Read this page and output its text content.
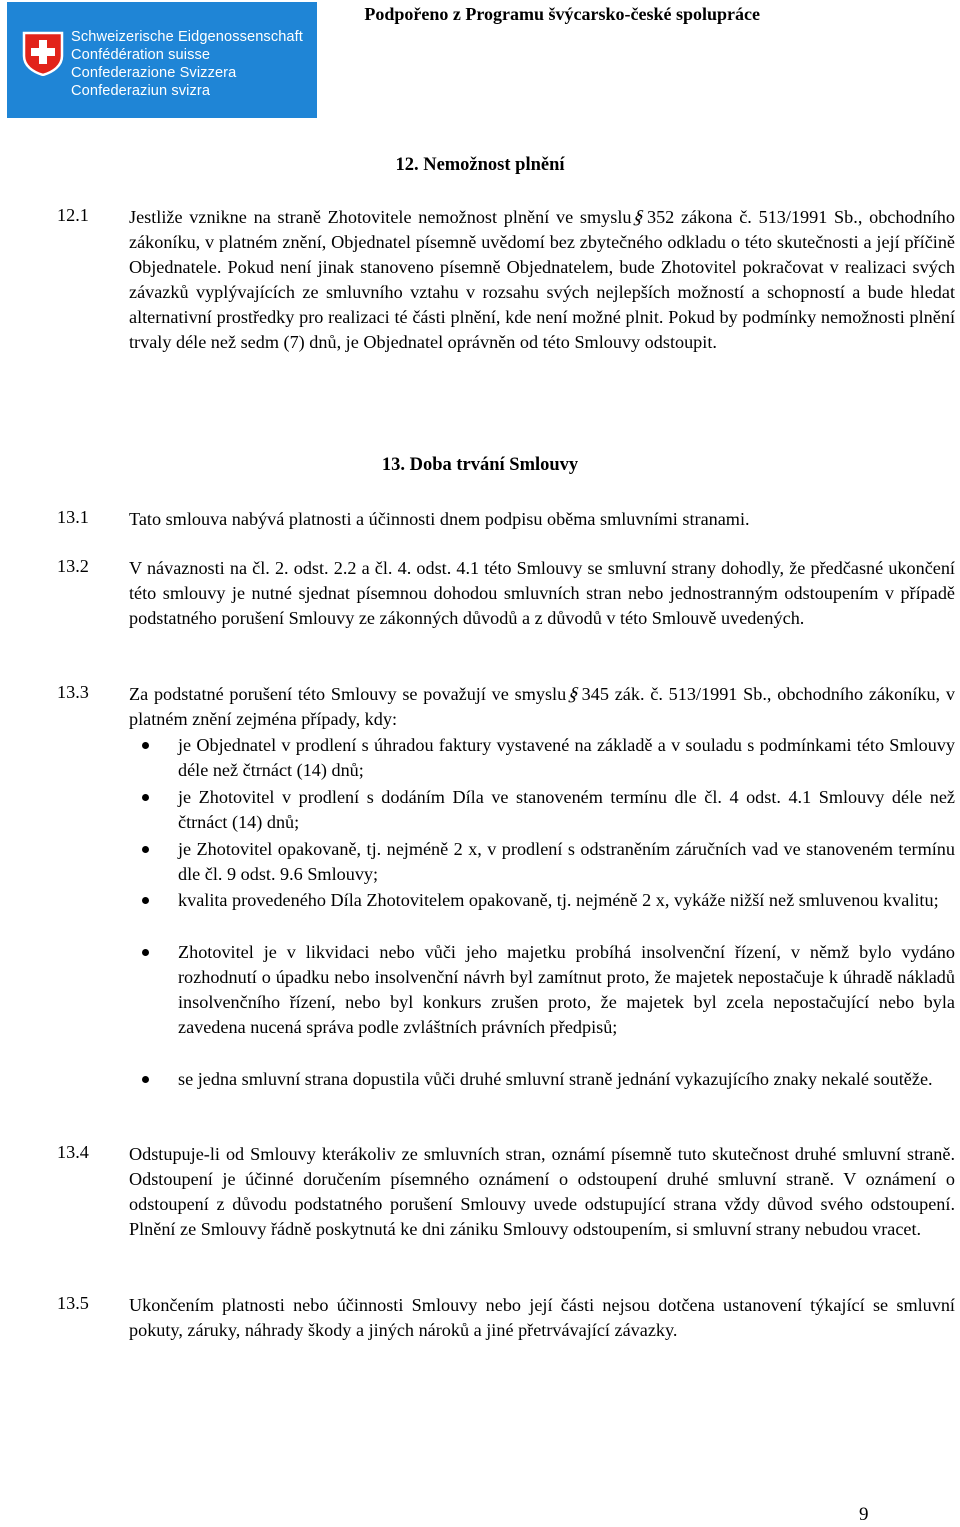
Schweizerische Eidgenossenschaft
Confédération suisse
Confederazione Svizzera
Confederaziun svizra
Podpořeno z Programu švýcarsko-české spolupráce
12. Nemožnost plnění
12.1 Jestliže vznikne na straně Zhotovitele nemožnost plnění ve smyslu§352 zákona č. 513/1991 Sb., obchodního zákoníku, v platném znění, Objednatel písemně uvědomí bez zbytečného odkladu o této skutečnosti a její příčině Objednatele. Pokud není jinak stanoveno písemně Objednatelem, bude Zhotovitel pokračovat v realizaci svých závazků vyplývajících ze smluvního vztahu v rozsahu svých nejlepších možností a schopností a bude hledat alternativní prostředky pro realizaci té části plnění, kde není možné plnit. Pokud by podmínky nemožnosti plnění trvaly déle než sedm (7) dnů, je Objednatel oprávněn od této Smlouvy odstoupit.
13. Doba trvání Smlouvy
13.1 Tato smlouva nabývá platnosti a účinnosti dnem podpisu oběma smluvními stranami.
13.2 V návaznosti na čl. 2. odst. 2.2 a čl. 4. odst. 4.1 této Smlouvy se smluvní strany dohodly, že předčasné ukončení této smlouvy je nutné sjednat písemnou dohodou smluvních stran nebo jednostranným odstoupením v případě podstatného porušení Smlouvy ze zákonných důvodů a z důvodů v této Smlouvě uvedených.
13.3 Za podstatné porušení této Smlouvy se považují ve smyslu§345 zák. č. 513/1991 Sb., obchodního zákoníku, v platném znění zejména případy, kdy:
je Objednatel v prodlení s úhradou faktury vystavené na základě a v souladu s podmínkami této Smlouvy déle než čtrnáct (14) dnů;
je Zhotovitel v prodlení s dodáním Díla ve stanoveném termínu dle čl. 4 odst. 4.1 Smlouvy déle než čtrnáct (14) dnů;
je Zhotovitel opakovaně, tj. nejméně 2 x, v prodlení s odstraněním záručních vad ve stanoveném termínu dle čl. 9 odst. 9.6 Smlouvy;
kvalita provedeného Díla Zhotovitelem opakovaně, tj. nejméně 2 x, vykáže nižší než smluvenou kvalitu;
Zhotovitel je v likvidaci nebo vůči jeho majetku probíhá insolvenční řízení, v němž bylo vydáno rozhodnutí o úpadku nebo insolvenční návrh byl zamítnut proto, že majetek nepostačuje k úhradě nákladů insolvenčního řízení, nebo byl konkurs zrušen proto, že majetek byl zcela nepostačující nebo byla zavedena nucená správa podle zvláštních právních předpisů;
se jedna smluvní strana dopustila vůči druhé smluvní straně jednání vykazujícího znaky nekalé soutěže.
13.4 Odstupuje-li od Smlouvy kterákoliv ze smluvních stran, oznámí písemně tuto skutečnost druhé smluvní straně. Odstoupení je účinné doručením písemného oznámení o odstoupení druhé smluvní straně. V oznámení o odstoupení z důvodu podstatného porušení Smlouvy uvede odstupující strana vždy důvod svého odstoupení. Plnění ze Smlouvy řádně poskytnutá ke dni zániku Smlouvy odstoupením, si smluvní strany nebudou vracet.
13.5 Ukončením platnosti nebo účinnosti Smlouvy nebo její části nejsou dotčena ustanovení týkající se smluvní pokuty, záruky, náhrady škody a jiných nároků a jiné přetrvávající závazky.
9
